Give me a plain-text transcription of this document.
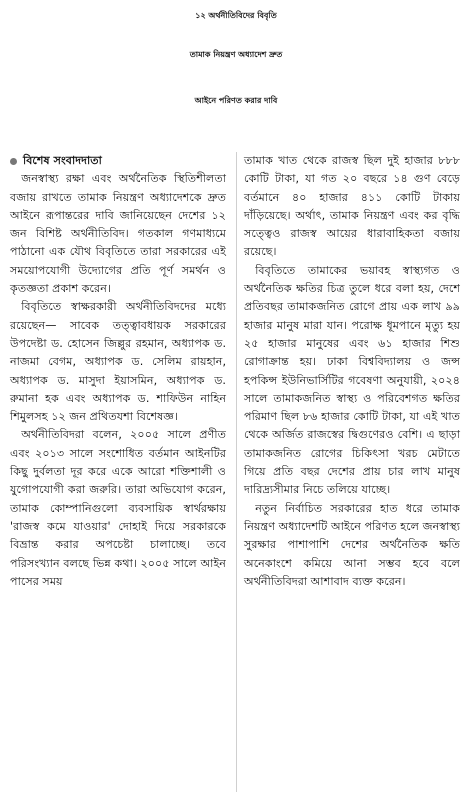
১২ অর্থনীতিবিদের বিবৃতি
তামাক নিয়ন্ত্রণ অধ্যাদেশ দ্রুত
আইনে পরিণত করার দাবি
বিশেষ সংবাদদাতা

জনস্বাস্থ্য রক্ষা এবং অর্থনৈতিক স্থিতিশীলতা বজায় রাখতে তামাক নিয়ন্ত্রণ অধ্যাদেশকে দ্রুত আইনে রূপান্তরের দাবি জানিয়েছেন দেশের ১২ জন বিশিষ্ট অর্থনীতিবিদ। গতকাল গণমাধ্যমে পাঠানো এক যৌথ বিবৃতিতে তারা সরকারের এই সময়োপযোগী উদ্যোগের প্রতি পূর্ণ সমর্থন ও কৃতজ্ঞতা প্রকাশ করেন।

বিবৃতিতে স্বাক্ষরকারী অর্থনীতিবিদদের মধ্যে রয়েছেন— সাবেক তত্ত্বাবধায়ক সরকারের উপদেষ্টা ড. হোসেন জিল্লুর রহমান, অধ্যাপক ড. নাজমা বেগম, অধ্যাপক ড. সেলিম রায়হান, অধ্যাপক ড. মাসুদা ইয়াসমিন, অধ্যাপক ড. রুমানা হক এবং অধ্যাপক ড. শাফিউন নাহিন শিমুলসহ ১২ জন প্রথিতযশা বিশেষজ্ঞ।

অর্থনীতিবিদরা বলেন, ২০০৫ সালে প্রণীত এবং ২০১৩ সালে সংশোধিত বর্তমান আইনটির কিছু দুর্বলতা দূর করে একে আরো শক্তিশালী ও যুগোপযোগী করা জরুরি। তারা অভিযোগ করেন, তামাক কোম্পানিগুলো ব্যবসায়িক স্বার্থরক্ষায় 'রাজস্ব কমে যাওয়ার' দোহাই দিয়ে সরকারকে বিভ্রান্ত করার অপচেষ্টা চালাচ্ছে। তবে পরিসংখ্যান বলছে ভিন্ন কথা। ২০০৫ সালে আইন পাসের সময়

তামাক খাত থেকে রাজস্ব ছিল দুই হাজার ৮৮৮ কোটি টাকা, যা গত ২০ বছরে ১৪ গুণ বেড়ে বর্তমানে ৪০ হাজার ৪১১ কোটি টাকায় দাঁড়িয়েছে। অর্থাৎ, তামাক নিয়ন্ত্রণ এবং কর বৃদ্ধি সত্ত্বেও রাজস্ব আয়ের ধারাবাহিকতা বজায় রয়েছে।

বিবৃতিতে তামাকের ভয়াবহ স্বাস্থ্যগত ও অর্থনৈতিক ক্ষতির চিত্র তুলে ধরে বলা হয়, দেশে প্রতিবছর তামাকজনিত রোগে প্রায় এক লাখ ৯৯ হাজার মানুষ মারা যান। পরোক্ষ ধূমপানে মৃত্যু হয় ২৫ হাজার মানুষের এবং ৬১ হাজার শিশু রোগাক্রান্ত হয়। ঢাকা বিশ্ববিদ্যালয় ও জন্স হপকিন্স ইউনিভার্সিটির গবেষণা অনুযায়ী, ২০২৪ সালে তামাকজনিত স্বাস্থ্য ও পরিবেশগত ক্ষতির পরিমাণ ছিল ৮৬ হাজার কোটি টাকা, যা এই খাত থেকে অর্জিত রাজস্বের দ্বিগুণেরও বেশি। এ ছাড়া তামাকজনিত রোগের চিকিৎসা খরচ মেটাতে গিয়ে প্রতি বছর দেশের প্রায় চার লাখ মানুষ দারিদ্র্যসীমার নিচে তলিয়ে যাচ্ছে।

নতুন নির্বাচিত সরকারের হাত ধরে তামাক নিয়ন্ত্রণ অধ্যাদেশটি আইনে পরিণত হলে জনস্বাস্থ্য সুরক্ষার পাশাপাশি দেশের অর্থনৈতিক ক্ষতি অনেকাংশে কমিয়ে আনা সম্ভব হবে বলে অর্থনীতিবিদরা আশাবাদ ব্যক্ত করেন।
